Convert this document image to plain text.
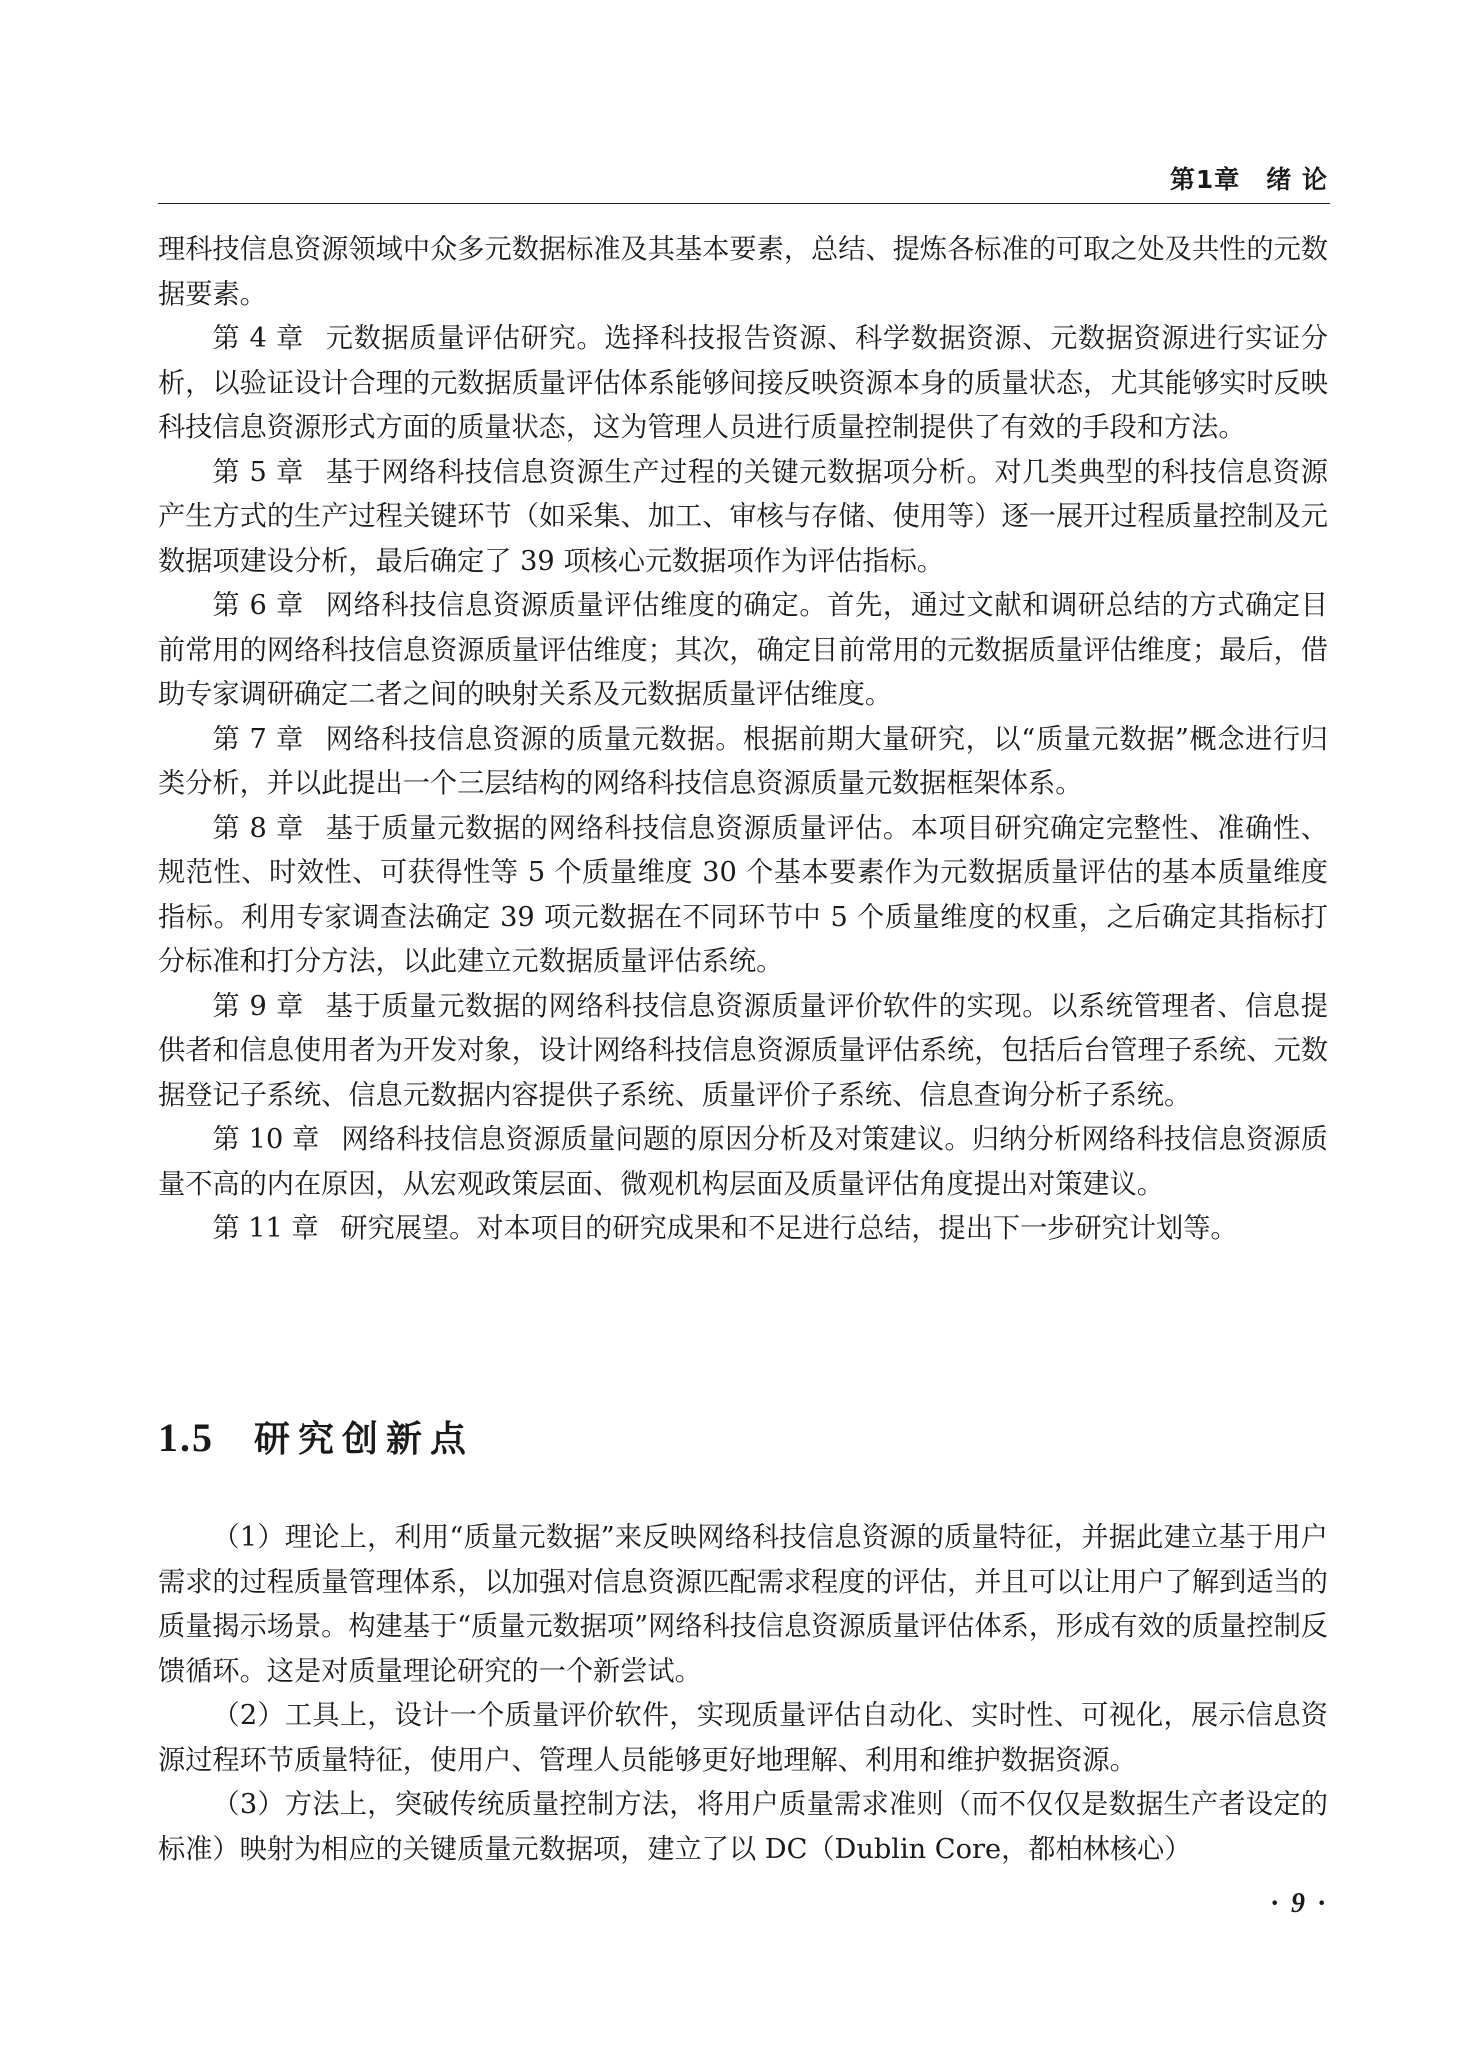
第1章　绪 论

理科技信息资源领域中众多元数据标准及其基本要素，总结、提炼各标准的可取之处及共性的元数据要素。

第 4 章 元数据质量评估研究。选择科技报告资源、科学数据资源、元数据资源进行实证分析，以验证设计合理的元数据质量评估体系能够间接反映资源本身的质量状态，尤其能够实时反映科技信息资源形式方面的质量状态，这为管理人员进行质量控制提供了有效的手段和方法。

第 5 章 基于网络科技信息资源生产过程的关键元数据项分析。对几类典型的科技信息资源产生方式的生产过程关键环节（如采集、加工、审核与存储、使用等）逐一展开过程质量控制及元数据项建设分析，最后确定了 39 项核心元数据项作为评估指标。

第 6 章 网络科技信息资源质量评估维度的确定。首先，通过文献和调研总结的方式确定目前常用的网络科技信息资源质量评估维度；其次，确定目前常用的元数据质量评估维度；最后，借助专家调研确定二者之间的映射关系及元数据质量评估维度。

第 7 章 网络科技信息资源的质量元数据。根据前期大量研究，以“质量元数据”概念进行归类分析，并以此提出一个三层结构的网络科技信息资源质量元数据框架体系。

第 8 章 基于质量元数据的网络科技信息资源质量评估。本项目研究确定完整性、准确性、规范性、时效性、可获得性等 5 个质量维度 30 个基本要素作为元数据质量评估的基本质量维度指标。利用专家调查法确定 39 项元数据在不同环节中 5 个质量维度的权重，之后确定其指标打分标准和打分方法，以此建立元数据质量评估系统。

第 9 章 基于质量元数据的网络科技信息资源质量评价软件的实现。以系统管理者、信息提供者和信息使用者为开发对象，设计网络科技信息资源质量评估系统，包括后台管理子系统、元数据登记子系统、信息元数据内容提供子系统、质量评价子系统、信息查询分析子系统。

第 10 章 网络科技信息资源质量问题的原因分析及对策建议。归纳分析网络科技信息资源质量不高的内在原因，从宏观政策层面、微观机构层面及质量评估角度提出对策建议。

第 11 章 研究展望。对本项目的研究成果和不足进行总结，提出下一步研究计划等。

1.5 研究创新点

（1）理论上，利用“质量元数据”来反映网络科技信息资源的质量特征，并据此建立基于用户需求的过程质量管理体系，以加强对信息资源匹配需求程度的评估，并且可以让用户了解到适当的质量揭示场景。构建基于“质量元数据项”网络科技信息资源质量评估体系，形成有效的质量控制反馈循环。这是对质量理论研究的一个新尝试。

（2）工具上，设计一个质量评价软件，实现质量评估自动化、实时性、可视化，展示信息资源过程环节质量特征，使用户、管理人员能够更好地理解、利用和维护数据资源。

（3）方法上，突破传统质量控制方法，将用户质量需求准则（而不仅仅是数据生产者设定的标准）映射为相应的关键质量元数据项，建立了以 DC（Dublin Core，都柏林核心）

· 9 ·
